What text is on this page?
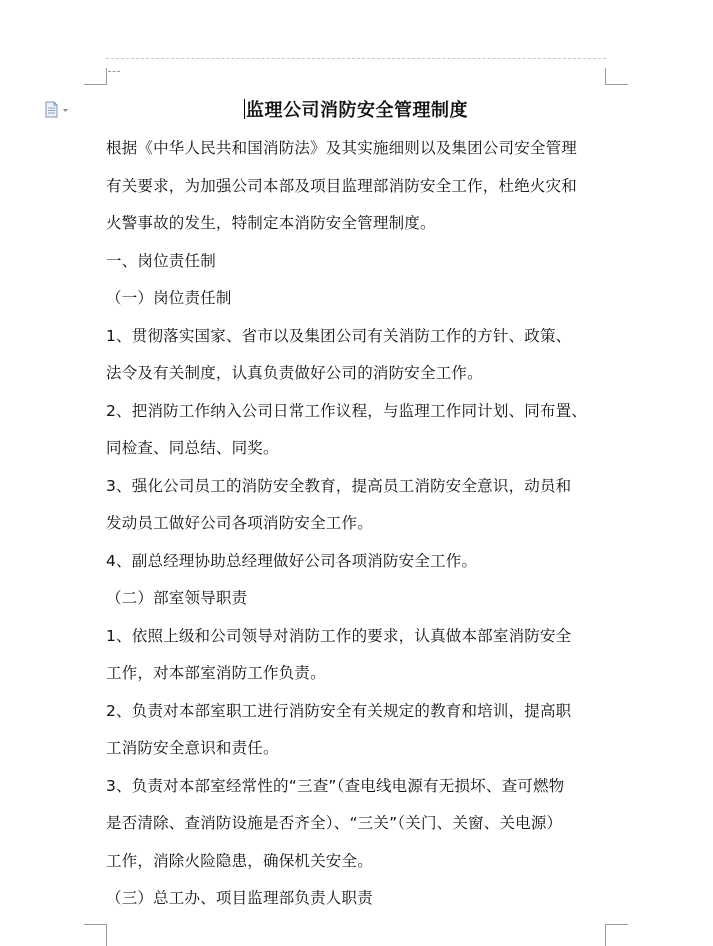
监理公司消防安全管理制度

根据《中华人民共和国消防法》及其实施细则以及集团公司安全管理

有关要求，为加强公司本部及项目监理部消防安全工作，杜绝火灾和

火警事故的发生，特制定本消防安全管理制度。

一、岗位责任制

（一）岗位责任制

1、贯彻落实国家、省市以及集团公司有关消防工作的方针、政策、

法令及有关制度，认真负责做好公司的消防安全工作。

2、把消防工作纳入公司日常工作议程，与监理工作同计划、同布置、

同检查、同总结、同奖。

3、强化公司员工的消防安全教育，提高员工消防安全意识，动员和

发动员工做好公司各项消防安全工作。

4、副总经理协助总经理做好公司各项消防安全工作。

（二）部室领导职责

1、依照上级和公司领导对消防工作的要求，认真做本部室消防安全

工作，对本部室消防工作负责。

2、负责对本部室职工进行消防安全有关规定的教育和培训，提高职

工消防安全意识和责任。

3、负责对本部室经常性的“三查”（查电线电源有无损坏、查可燃物

是否清除、查消防设施是否齐全）、“三关”（关门、关窗、关电源）

工作，消除火险隐患，确保机关安全。

（三）总工办、项目监理部负责人职责
